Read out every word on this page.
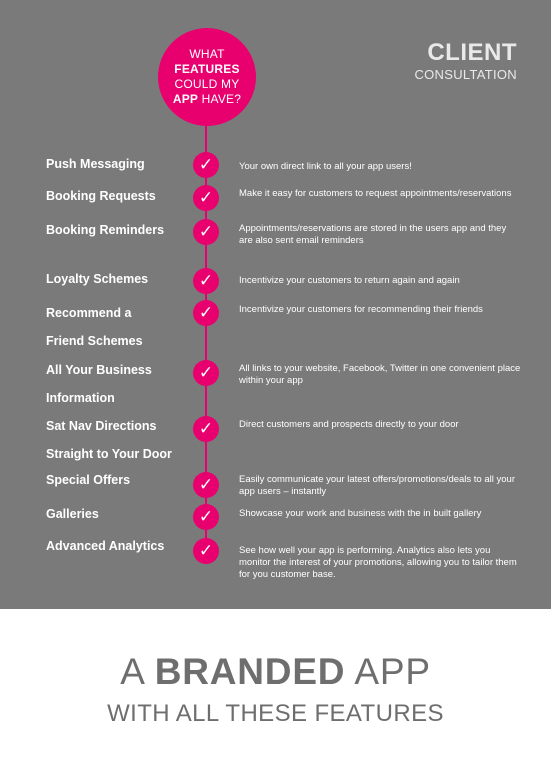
WHAT
FEATURES
COULD MY
APP HAVE?
CLIENT
CONSULTATION
Push Messaging	✓	Your own direct link to all your app users!
Booking Requests	✓	Make it easy for customers to request appointments/reservations
Booking Reminders	✓	Appointments/reservations are stored in the users app and they are also sent email reminders
Loyalty Schemes	✓	Incentivize your customers to return again and again
Recommend a
Friend Schemes
✓	Incentivize your customers for recommending their friends
All Your Business
Information
✓	All links to your website, Facebook, Twitter in one convenient place within your app
Sat Nav Directions
Straight to Your Door
✓	Direct customers and prospects directly to your door
Special Offers	✓	Easily communicate your latest offers/promotions/deals to all your app users – instantly
Galleries	✓	Showcase your work and business with the in built gallery
Advanced Analytics	✓	See how well your app is performing. Analytics also lets you monitor the interest of your promotions, allowing you to tailor them for you customer base.
A BRANDED APP
WITH ALL THESE FEATURES
